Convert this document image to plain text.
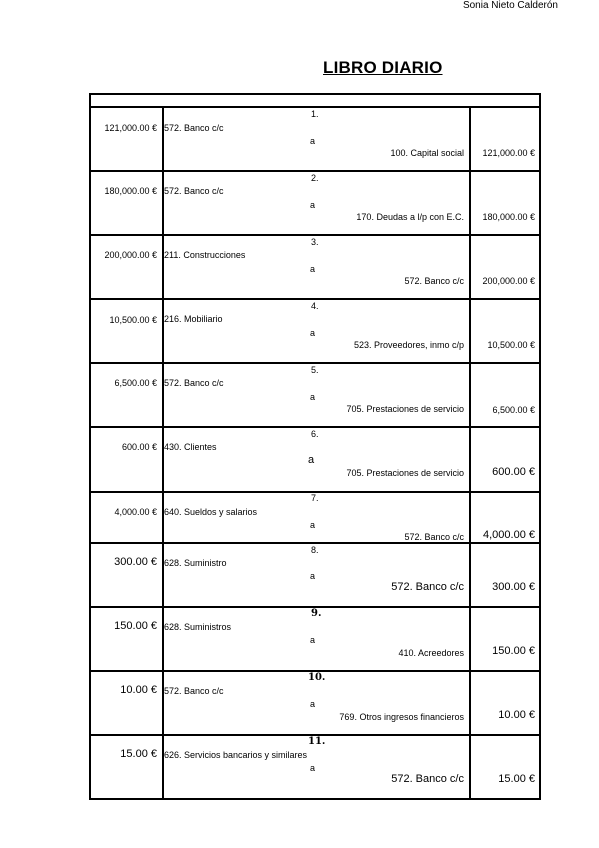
Sonia Nieto Calderón
LIBRO DIARIO
1.
121,000.00 € 572. Banco c/c
a
100. Capital social 121,000.00 €
2.
180,000.00 € 572. Banco c/c
a
170. Deudas a l/p con E.C. 180,000.00 €
3.
200,000.00 € 211. Construcciones
a
572. Banco c/c 200,000.00 €
4.
10,500.00 € 216. Mobiliario
a
523. Proveedores, inmo c/p	10,500.00 €
5.
6,500.00 € 572. Banco c/c
a
705. Prestaciones de servicio	6,500.00 €
6.
600.00 € 430. Clientes
a
705. Prestaciones de servicio	600.00 €
7.
4,000.00 € 640. Sueldos y salarios
a
572. Banco c/c 4,000.00 €
8.
300.00 € 628. Suministro
a
572. Banco c/c	300.00 €
9.
150.00 € 628. Suministros
a
410. Acreedores	150.00 €
10.
10.00 € 572. Banco c/c
a
769. Otros ingresos financieros	10.00 €
11.
15.00 € 626. Servicios bancarios y similares
a
572. Banco c/c	15.00 €
